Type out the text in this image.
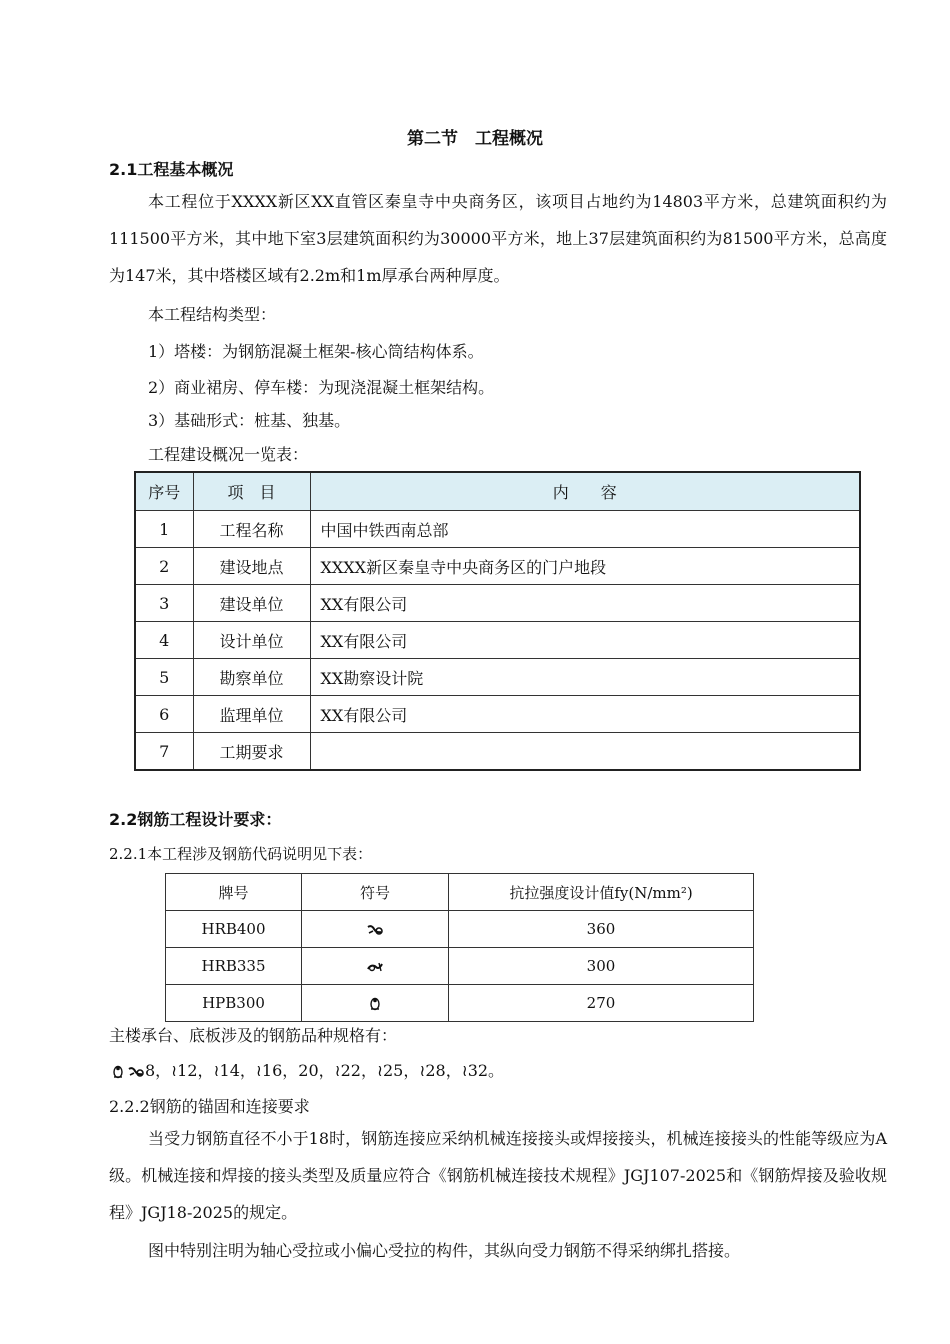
第二节　工程概况
2.1工程基本概况
本工程位于XXXX新区XX直管区秦皇寺中央商务区，该项目占地约为14803平方米，总建筑面积约为111500平方米，其中地下室3层建筑面积约为30000平方米，地上37层建筑面积约为81500平方米，总高度为147米，其中塔楼区域有2.2m和1m厚承台两种厚度。
本工程结构类型：
1）塔楼：为钢筋混凝土框架-核心筒结构体系。
2）商业裙房、停车楼：为现浇混凝土框架结构。
3）基础形式：桩基、独基。
工程建设概况一览表：
序号	项　目	内　　容
1	工程名称	中国中铁西南总部
2	建设地点	XXXX新区秦皇寺中央商务区的门户地段
3	建设单位	XX有限公司
4	设计单位	XX有限公司
5	勘察单位	XX勘察设计院
6	监理单位	XX有限公司
7	工期要求	
2.2钢筋工程设计要求：
2.2.1本工程涉及钢筋代码说明见下表：
牌号	符号	抗拉强度设计值fy(N/mm²)
HRB400		360
HRB335		300
HPB300		270
主楼承台、底板涉及的钢筋品种规格有：
8，≀12，≀14，≀16，20，≀22，≀25，≀28，≀32。
2.2.2钢筋的锚固和连接要求
当受力钢筋直径不小于18时，钢筋连接应采纳机械连接接头或焊接接头，机械连接接头的性能等级应为A级。机械连接和焊接的接头类型及质量应符合《钢筋机械连接技术规程》JGJ107-2025和《钢筋焊接及验收规程》JGJ18-2025的规定。
图中特别注明为轴心受拉或小偏心受拉的构件，其纵向受力钢筋不得采纳绑扎搭接。
